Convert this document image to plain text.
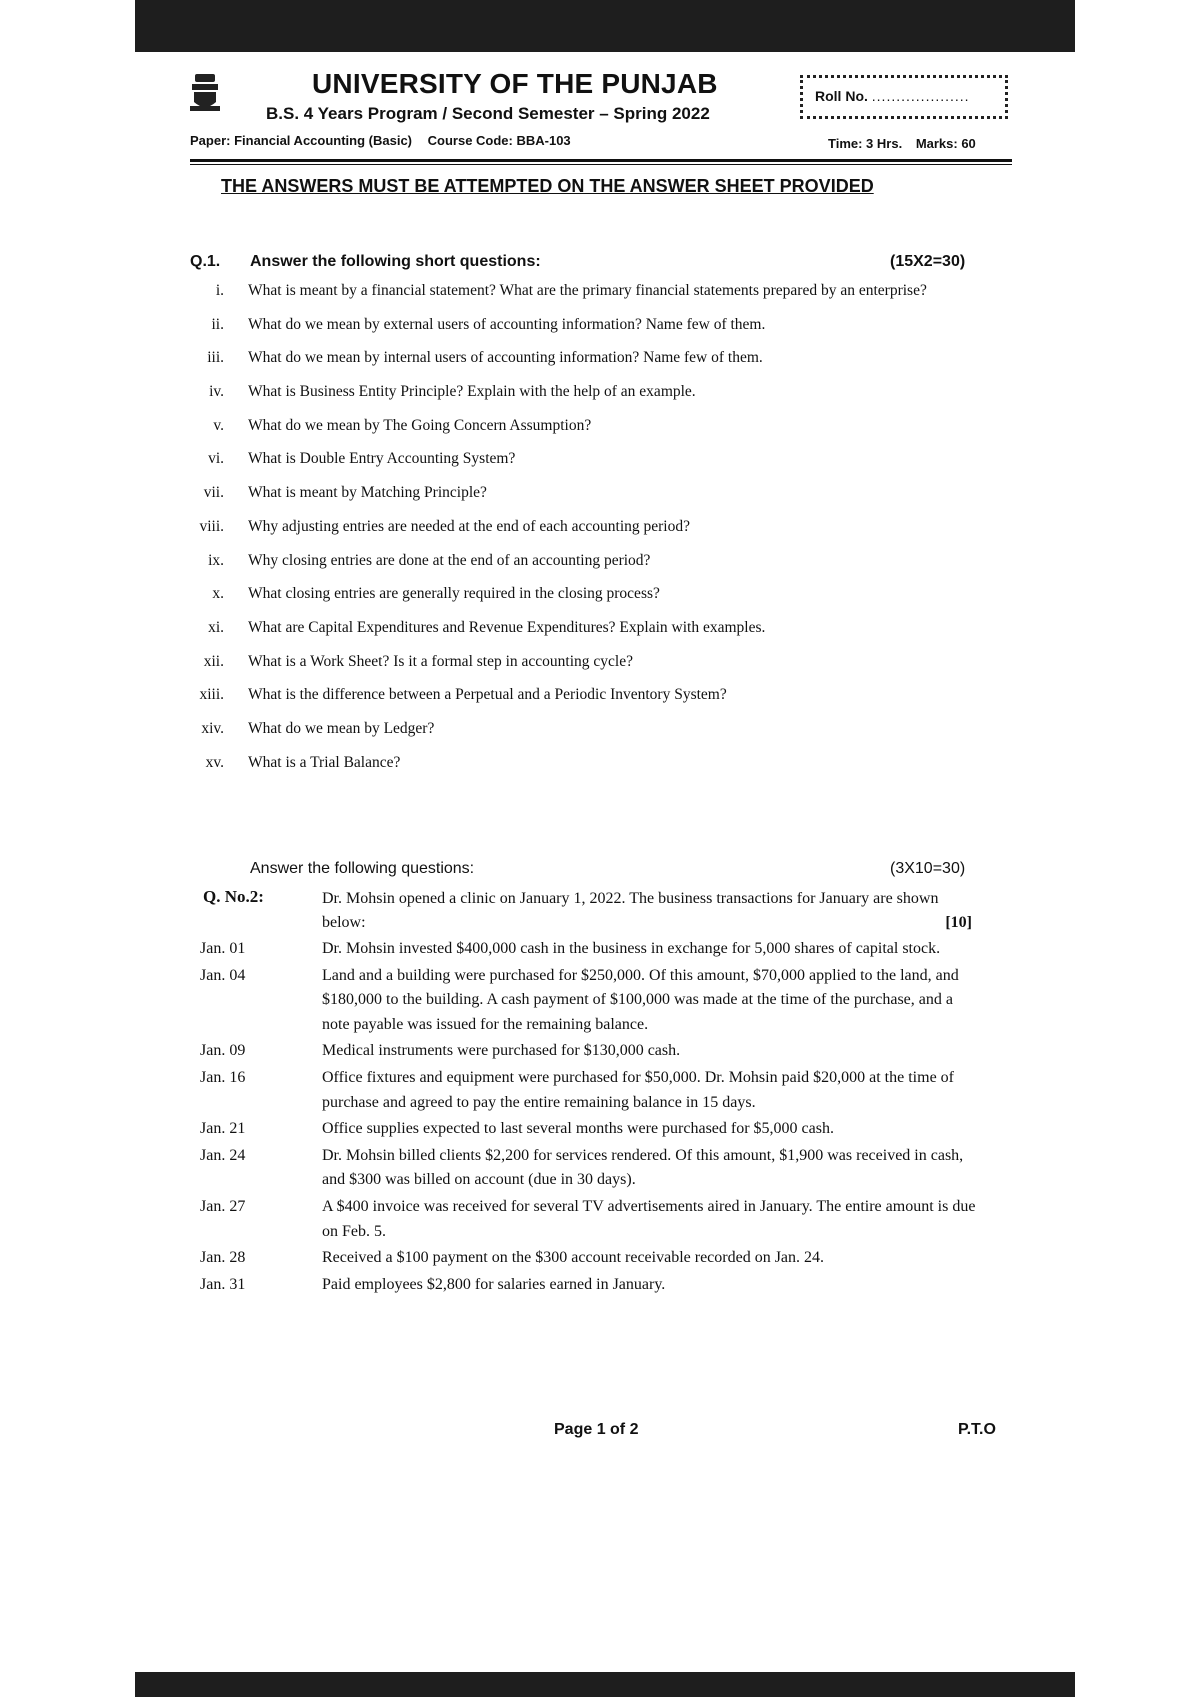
UNIVERSITY OF THE PUNJAB
B.S. 4 Years Program / Second Semester – Spring 2022
Paper: Financial Accounting (Basic) Course Code: BBA-103
Roll No. ....................
Time: 3 Hrs. Marks: 60
THE ANSWERS MUST BE ATTEMPTED ON THE ANSWER SHEET PROVIDED
Q.1. Answer the following short questions:	(15X2=30)
i. What is meant by a financial statement? What are the primary financial statements prepared by an enterprise?
ii. What do we mean by external users of accounting information? Name few of them.
iii. What do we mean by internal users of accounting information? Name few of them.
iv. What is Business Entity Principle? Explain with the help of an example.
v. What do we mean by The Going Concern Assumption?
vi. What is Double Entry Accounting System?
vii. What is meant by Matching Principle?
viii. Why adjusting entries are needed at the end of each accounting period?
ix. Why closing entries are done at the end of an accounting period?
x. What closing entries are generally required in the closing process?
xi. What are Capital Expenditures and Revenue Expenditures? Explain with examples.
xii. What is a Work Sheet? Is it a formal step in accounting cycle?
xiii. What is the difference between a Perpetual and a Periodic Inventory System?
xiv. What do we mean by Ledger?
xv. What is a Trial Balance?
Answer the following questions:	(3X10=30)
Q. No.2:	Dr. Mohsin opened a clinic on January 1, 2022. The business transactions for January are shown below:	[10]
Jan. 01	Dr. Mohsin invested $400,000 cash in the business in exchange for 5,000 shares of capital stock.
Jan. 04	Land and a building were purchased for $250,000. Of this amount, $70,000 applied to the land, and $180,000 to the building. A cash payment of $100,000 was made at the time of the purchase, and a note payable was issued for the remaining balance.
Jan. 09	Medical instruments were purchased for $130,000 cash.
Jan. 16	Office fixtures and equipment were purchased for $50,000. Dr. Mohsin paid $20,000 at the time of purchase and agreed to pay the entire remaining balance in 15 days.
Jan. 21	Office supplies expected to last several months were purchased for $5,000 cash.
Jan. 24	Dr. Mohsin billed clients $2,200 for services rendered. Of this amount, $1,900 was received in cash, and $300 was billed on account (due in 30 days).
Jan. 27	A $400 invoice was received for several TV advertisements aired in January. The entire amount is due on Feb. 5.
Jan. 28	Received a $100 payment on the $300 account receivable recorded on Jan. 24.
Jan. 31	Paid employees $2,800 for salaries earned in January.
Page 1 of 2	P.T.O
